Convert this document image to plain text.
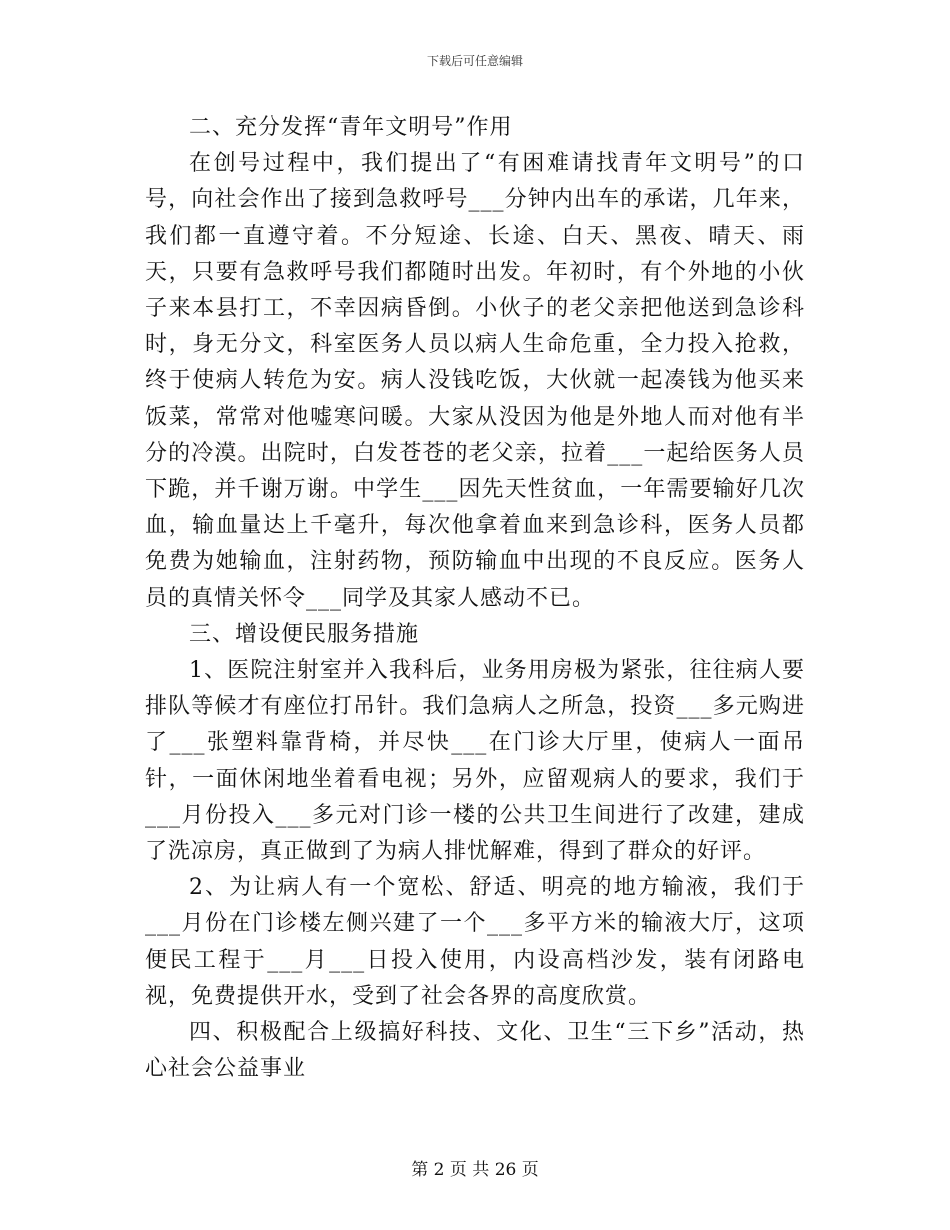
下载后可任意编辑

二、充分发挥“青年文明号”作用

在创号过程中，我们提出了“有困难请找青年文明号”的口号，向社会作出了接到急救呼号___分钟内出车的承诺，几年来，我们都一直遵守着。不分短途、长途、白天、黑夜、晴天、雨天，只要有急救呼号我们都随时出发。年初时，有个外地的小伙子来本县打工，不幸因病昏倒。小伙子的老父亲把他送到急诊科时，身无分文，科室医务人员以病人生命危重，全力投入抢救，终于使病人转危为安。病人没钱吃饭，大伙就一起凑钱为他买来饭菜，常常对他嘘寒问暖。大家从没因为他是外地人而对他有半分的冷漠。出院时，白发苍苍的老父亲，拉着___一起给医务人员下跪，并千谢万谢。中学生___因先天性贫血，一年需要输好几次血，输血量达上千毫升，每次他拿着血来到急诊科，医务人员都免费为她输血，注射药物，预防输血中出现的不良反应。医务人员的真情关怀令___同学及其家人感动不已。

三、增设便民服务措施

1、医院注射室并入我科后，业务用房极为紧张，往往病人要排队等候才有座位打吊针。我们急病人之所急，投资___多元购进了___张塑料靠背椅，并尽快___在门诊大厅里，使病人一面吊针，一面休闲地坐着看电视；另外，应留观病人的要求，我们于___月份投入___多元对门诊一楼的公共卫生间进行了改建，建成了洗凉房，真正做到了为病人排忧解难，得到了群众的好评。

2、为让病人有一个宽松、舒适、明亮的地方输液，我们于___月份在门诊楼左侧兴建了一个___多平方米的输液大厅，这项便民工程于___月___日投入使用，内设高档沙发，装有闭路电视，免费提供开水，受到了社会各界的高度欣赏。

四、积极配合上级搞好科技、文化、卫生“三下乡”活动，热心社会公益事业

第 2 页 共 26 页
